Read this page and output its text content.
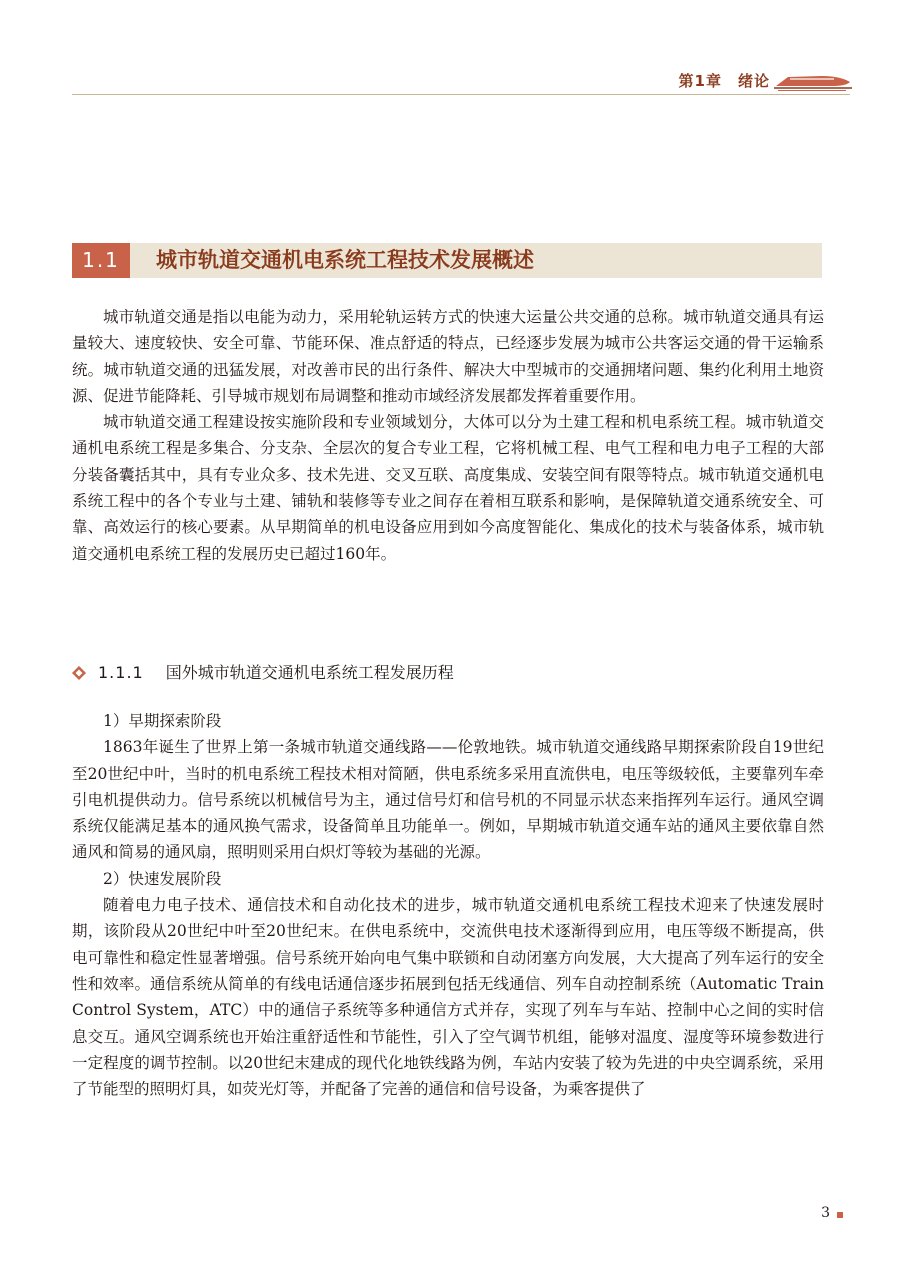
第1章 绪论
1.1	城市轨道交通机电系统工程技术发展概述

城市轨道交通是指以电能为动力，采用轮轨运转方式的快速大运量公共交通的总称。城市轨道交通具有运量较大、速度较快、安全可靠、节能环保、准点舒适的特点，已经逐步发展为城市公共客运交通的骨干运输系统。城市轨道交通的迅猛发展，对改善市民的出行条件、解决大中型城市的交通拥堵问题、集约化利用土地资源、促进节能降耗、引导城市规划布局调整和推动市域经济发展都发挥着重要作用。

城市轨道交通工程建设按实施阶段和专业领域划分，大体可以分为土建工程和机电系统工程。城市轨道交通机电系统工程是多集合、分支杂、全层次的复合专业工程，它将机械工程、电气工程和电力电子工程的大部分装备囊括其中，具有专业众多、技术先进、交叉互联、高度集成、安装空间有限等特点。城市轨道交通机电系统工程中的各个专业与土建、铺轨和装修等专业之间存在着相互联系和影响，是保障轨道交通系统安全、可靠、高效运行的核心要素。从早期简单的机电设备应用到如今高度智能化、集成化的技术与装备体系，城市轨道交通机电系统工程的发展历史已超过160年。

1.1.1 国外城市轨道交通机电系统工程发展历程

1）早期探索阶段

1863年诞生了世界上第一条城市轨道交通线路——伦敦地铁。城市轨道交通线路早期探索阶段自19世纪至20世纪中叶，当时的机电系统工程技术相对简陋，供电系统多采用直流供电，电压等级较低，主要靠列车牵引电机提供动力。信号系统以机械信号为主，通过信号灯和信号机的不同显示状态来指挥列车运行。通风空调系统仅能满足基本的通风换气需求，设备简单且功能单一。例如，早期城市轨道交通车站的通风主要依靠自然通风和简易的通风扇，照明则采用白炽灯等较为基础的光源。

2）快速发展阶段

随着电力电子技术、通信技术和自动化技术的进步，城市轨道交通机电系统工程技术迎来了快速发展时期，该阶段从20世纪中叶至20世纪末。在供电系统中，交流供电技术逐渐得到应用，电压等级不断提高，供电可靠性和稳定性显著增强。信号系统开始向电气集中联锁和自动闭塞方向发展，大大提高了列车运行的安全性和效率。通信系统从简单的有线电话通信逐步拓展到包括无线通信、列车自动控制系统（Automatic Train Control System，ATC）中的通信子系统等多种通信方式并存，实现了列车与车站、控制中心之间的实时信息交互。通风空调系统也开始注重舒适性和节能性，引入了空气调节机组，能够对温度、湿度等环境参数进行一定程度的调节控制。以20世纪末建成的现代化地铁线路为例，车站内安装了较为先进的中央空调系统，采用了节能型的照明灯具，如荧光灯等，并配备了完善的通信和信号设备，为乘客提供了

3
